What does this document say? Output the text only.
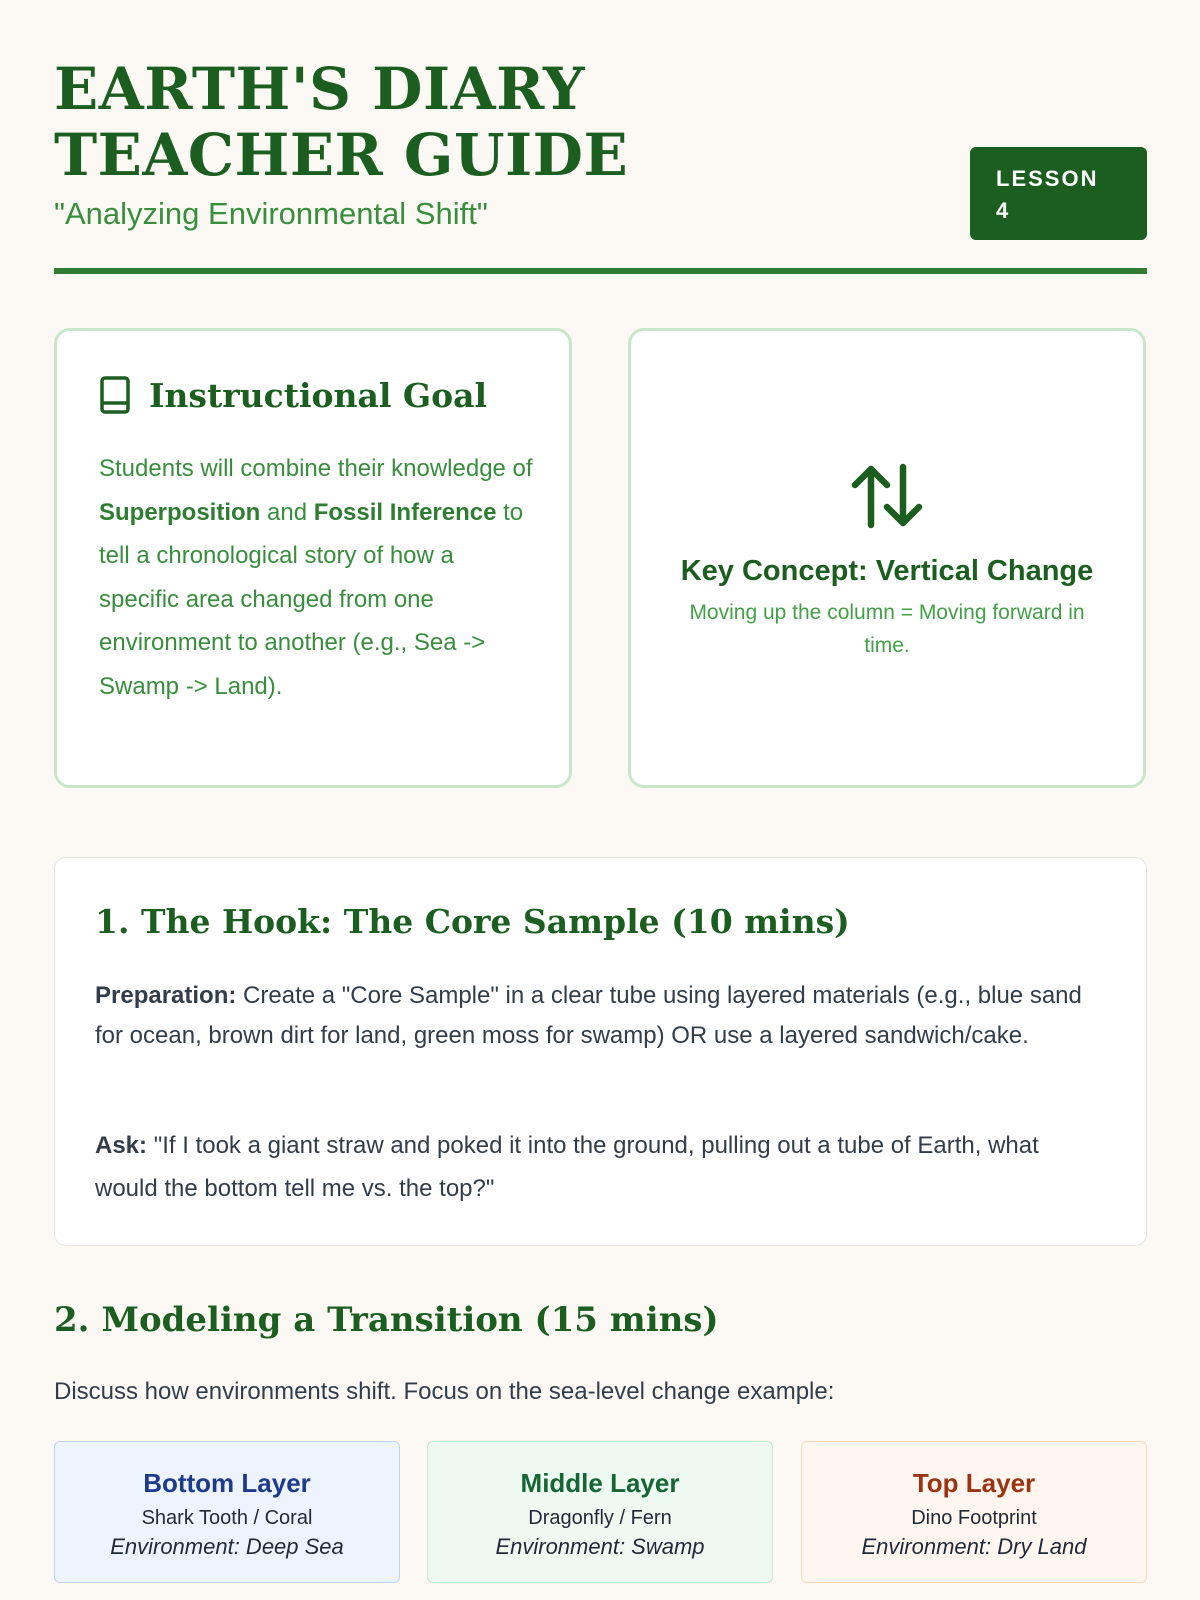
EARTH'S DIARY TEACHER GUIDE
"Analyzing Environmental Shift"
LESSON
4
Instructional Goal

Students will combine their knowledge of Superposition and Fossil Inference to tell a chronological story of how a specific area changed from one environment to another (e.g., Sea -> Swamp -> Land).

Key Concept: Vertical Change
Moving up the column = Moving forward in time.
1. The Hook: The Core Sample (10 mins)

Preparation: Create a "Core Sample" in a clear tube using layered materials (e.g., blue sand for ocean, brown dirt for land, green moss for swamp) OR use a layered sandwich/cake.

Ask: "If I took a giant straw and poked it into the ground, pulling out a tube of Earth, what would the bottom tell me vs. the top?"

2. Modeling a Transition (15 mins)

Discuss how environments shift. Focus on the sea-level change example:

Bottom Layer
Shark Tooth / Coral
Environment: Deep Sea
Middle Layer
Dragonfly / Fern
Environment: Swamp
Top Layer
Dino Footprint
Environment: Dry Land
